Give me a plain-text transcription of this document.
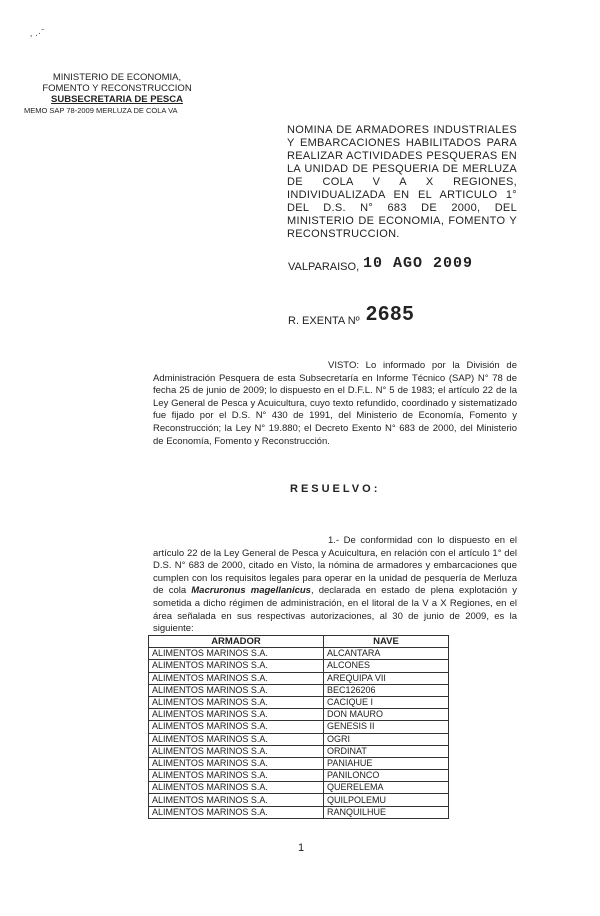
‚ .·ˉ
MINISTERIO DE ECONOMIA,
FOMENTO Y RECONSTRUCCION
SUBSECRETARIA DE PESCA
MEMO SAP 78-2009 MERLUZA DE COLA VA
NOMINA DE ARMADORES INDUSTRIALES Y EMBARCACIONES HABILITADOS PARA REALIZAR ACTIVIDADES PESQUERAS EN LA UNIDAD DE PESQUERIA DE MERLUZA DE COLA V A X REGIONES, INDIVIDUALIZADA EN EL ARTICULO 1° DEL D.S. N° 683 DE 2000, DEL MINISTERIO DE ECONOMIA, FOMENTO Y RECONSTRUCCION.
VALPARAISO, 10 AGO 2009
R. EXENTA Nº 2685
VISTO: Lo informado por la División de Administración Pesquera de esta Subsecretaría en Informe Técnico (SAP) N° 78 de fecha 25 de junio de 2009; lo dispuesto en el D.F.L. N° 5 de 1983; el artículo 22 de la Ley General de Pesca y Acuicultura, cuyo texto refundido, coordinado y sistematizado fue fijado por el D.S. N° 430 de 1991, del Ministerio de Economía, Fomento y Reconstrucción; la Ley N° 19.880; el Decreto Exento N° 683 de 2000, del Ministerio de Economía, Fomento y Reconstrucción.
RESUELVO:
1.- De conformidad con lo dispuesto en el artículo 22 de la Ley General de Pesca y Acuicultura, en relación con el artículo 1° del D.S. N° 683 de 2000, citado en Visto, la nómina de armadores y embarcaciones que cumplen con los requisitos legales para operar en la unidad de pesquería de Merluza de cola Macruronus magellanicus, declarada en estado de plena explotación y sometida a dicho régimen de administración, en el litoral de la V a X Regiones, en el área señalada en sus respectivas autorizaciones, al 30 de junio de 2009, es la siguiente:
ARMADOR	NAVE
ALIMENTOS MARINOS S.A.	ALCANTARA
ALIMENTOS MARINOS S.A.	ALCONES
ALIMENTOS MARINOS S.A.	AREQUIPA VII
ALIMENTOS MARINOS S.A.	BEC126206
ALIMENTOS MARINOS S.A.	CACIQUE I
ALIMENTOS MARINOS S.A.	DON MAURO
ALIMENTOS MARINOS S.A.	GENESIS II
ALIMENTOS MARINOS S.A.	OGRI
ALIMENTOS MARINOS S.A.	ORDINAT
ALIMENTOS MARINOS S.A.	PANIAHUE
ALIMENTOS MARINOS S.A.	PANILONCO
ALIMENTOS MARINOS S.A.	QUERELEMA
ALIMENTOS MARINOS S.A.	QUILPOLEMU
ALIMENTOS MARINOS S.A.	RANQUILHUE
1
